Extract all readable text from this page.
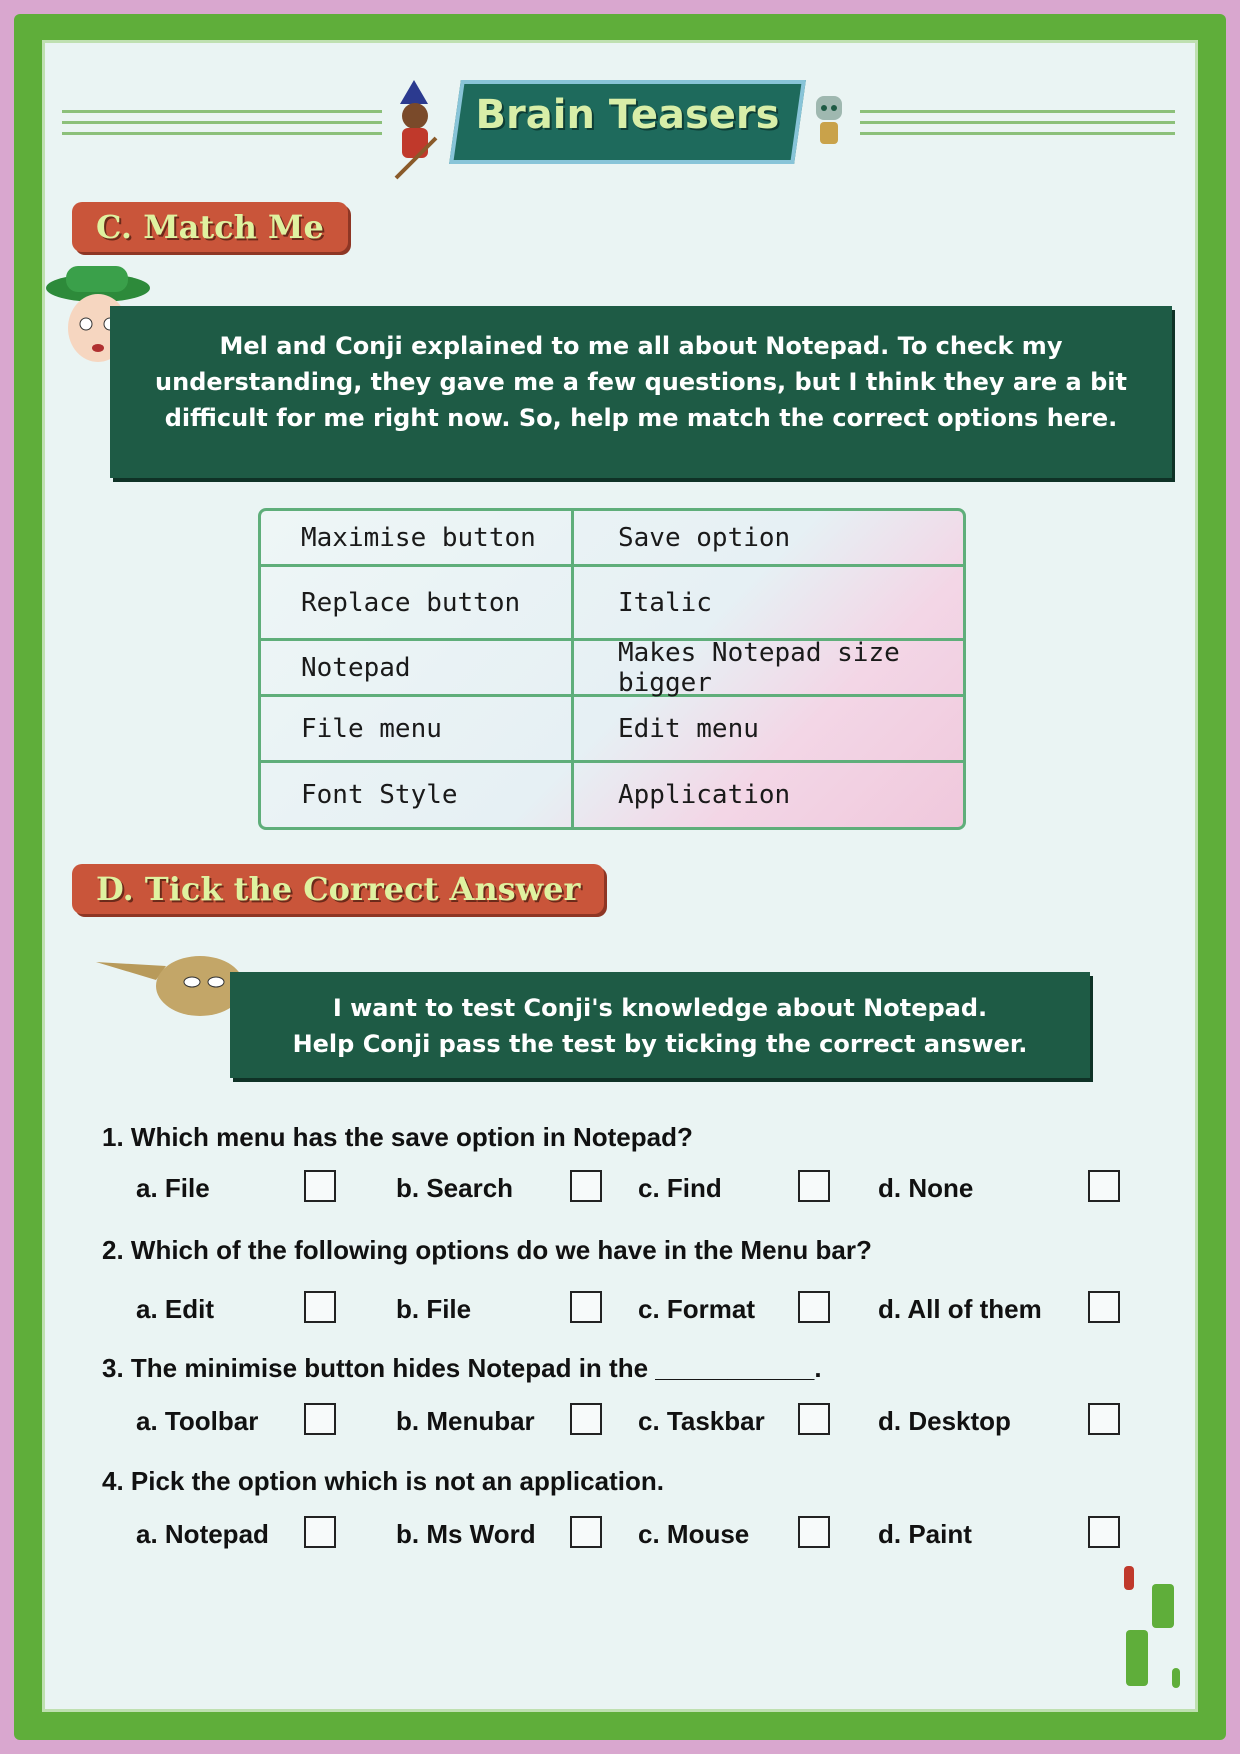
Brain Teasers
C. Match Me

Mel and Conji explained to me all about Notepad. To check my

understanding, they gave me a few questions, but I think they are a bit

difficult for me right now. So, help me match the correct options here.

Maximise button	Save option
Replace button	Italic
Notepad	Makes Notepad size bigger
File menu	Edit menu
Font Style	Application
D. Tick the Correct Answer

I want to test Conji's knowledge about Notepad.

Help Conji pass the test by ticking the correct answer.

1. Which menu has the save option in Notepad?
a. File	b. Search	c. Find	d. None
2. Which of the following options do we have in the Menu bar?
a. Edit	b. File	c. Format	d. All of them
3. The minimise button hides Notepad in the ___________.
a. Toolbar	b. Menubar	c. Taskbar	d. Desktop
4. Pick the option which is not an application.
a. Notepad	b. Ms Word	c. Mouse	d. Paint
